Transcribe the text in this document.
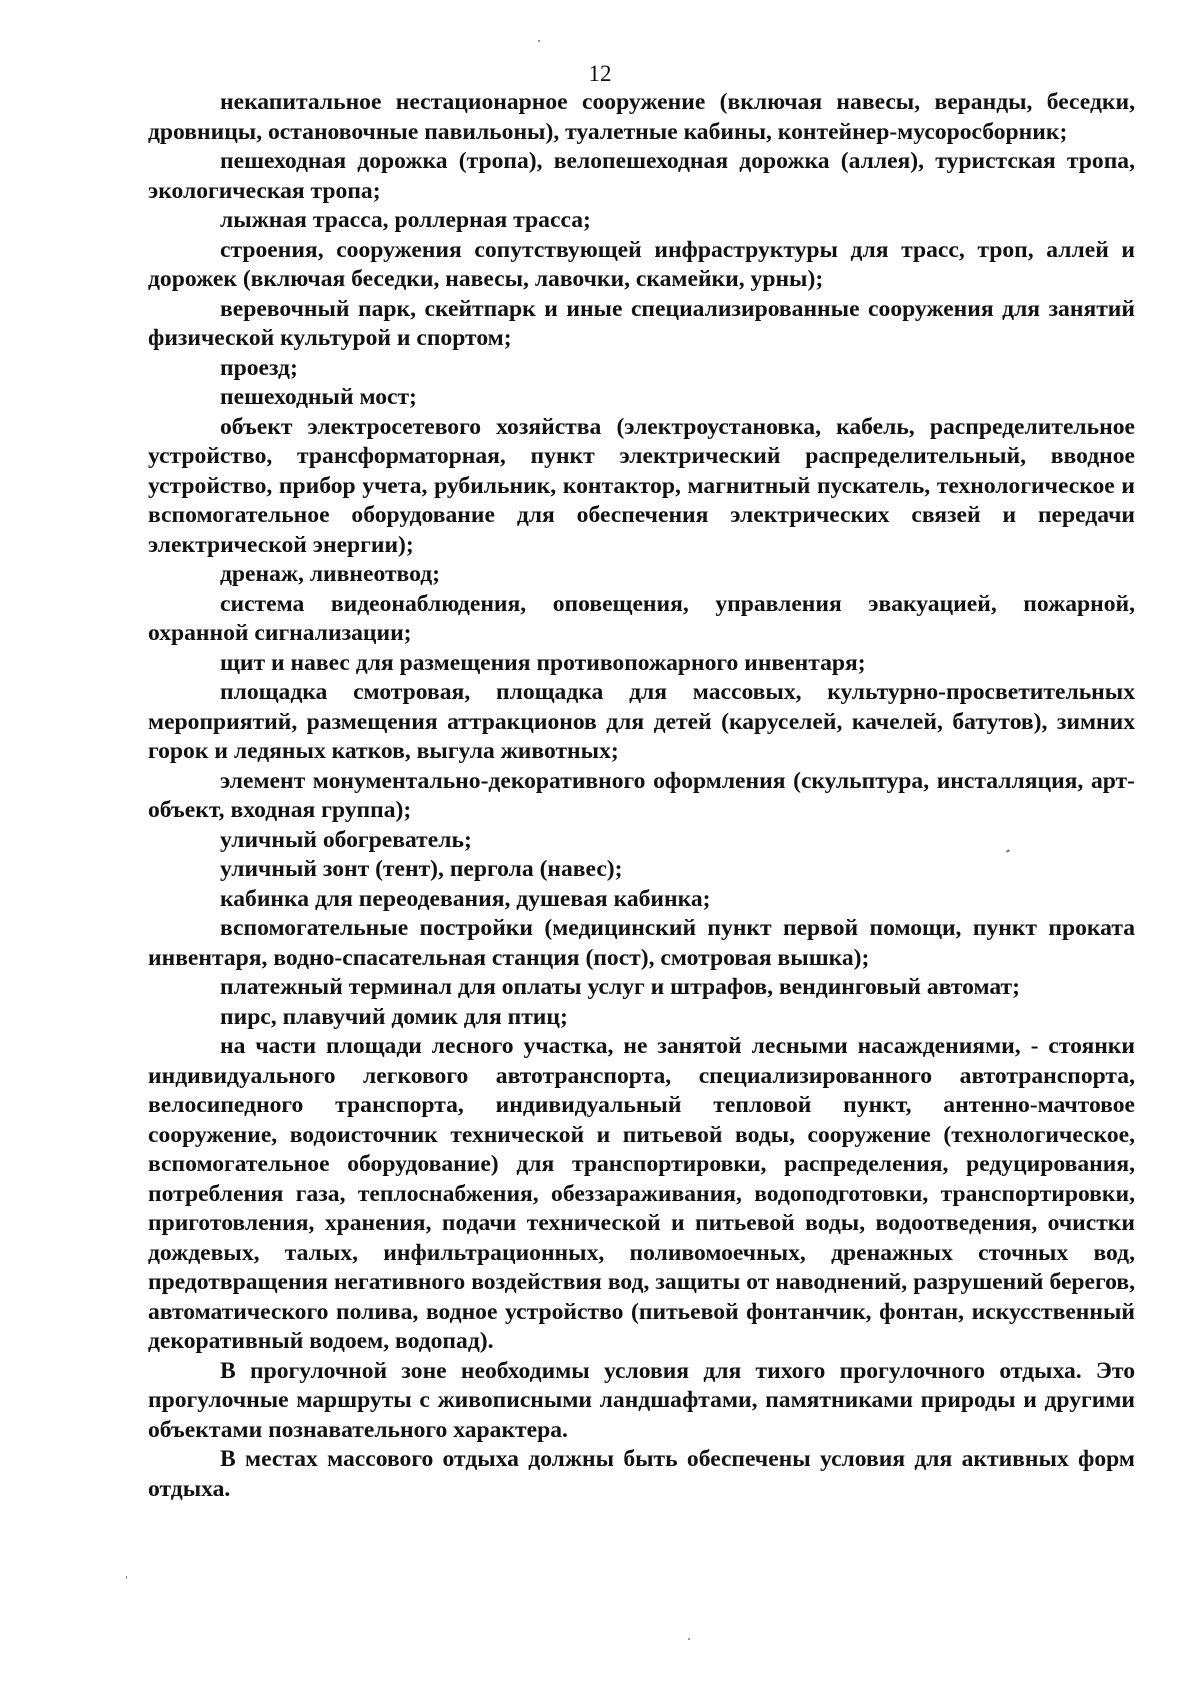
12

некапитальное нестационарное сооружение (включая навесы, веранды, беседки, дровницы, остановочные павильоны), туалетные кабины, контейнер-мусоросборник;

пешеходная дорожка (тропа), велопешеходная дорожка (аллея), туристская тропа, экологическая тропа;

лыжная трасса, роллерная трасса;

строения, сооружения сопутствующей инфраструктуры для трасс, троп, аллей и дорожек (включая беседки, навесы, лавочки, скамейки, урны);

веревочный парк, скейтпарк и иные специализированные сооружения для занятий физической культурой и спортом;

проезд;

пешеходный мост;

объект электросетевого хозяйства (электроустановка, кабель, распределительное устройство, трансформаторная, пункт электрический распределительный, вводное устройство, прибор учета, рубильник, контактор, магнитный пускатель, технологическое и вспомогательное оборудование для обеспечения электрических связей и передачи электрической энергии);

дренаж, ливнеотвод;

система видеонаблюдения, оповещения, управления эвакуацией, пожарной, охранной сигнализации;

щит и навес для размещения противопожарного инвентаря;

площадка смотровая, площадка для массовых, культурно-просветительных мероприятий, размещения аттракционов для детей (каруселей, качелей, батутов), зимних горок и ледяных катков, выгула животных;

элемент монументально-декоративного оформления (скульптура, инсталляция, арт-объект, входная группа);

уличный обогреватель;

уличный зонт (тент), пергола (навес);

кабинка для переодевания, душевая кабинка;

вспомогательные постройки (медицинский пункт первой помощи, пункт проката инвентаря, водно-спасательная станция (пост), смотровая вышка);

платежный терминал для оплаты услуг и штрафов, вендинговый автомат;

пирс, плавучий домик для птиц;

на части площади лесного участка, не занятой лесными насаждениями, - стоянки индивидуального легкового автотранспорта, специализированного автотранспорта, велосипедного транспорта, индивидуальный тепловой пункт, антенно-мачтовое сооружение, водоисточник технической и питьевой воды, сооружение (технологическое, вспомогательное оборудование) для транспортировки, распределения, редуцирования, потребления газа, теплоснабжения, обеззараживания, водоподготовки, транспортировки, приготовления, хранения, подачи технической и питьевой воды, водоотведения, очистки дождевых, талых, инфильтрационных, поливомоечных, дренажных сточных вод, предотвращения негативного воздействия вод, защиты от наводнений, разрушений берегов, автоматического полива, водное устройство (питьевой фонтанчик, фонтан, искусственный декоративный водоем, водопад).

В прогулочной зоне необходимы условия для тихого прогулочного отдыха. Это прогулочные маршруты с живописными ландшафтами, памятниками природы и другими объектами познавательного характера.

В местах массового отдыха должны быть обеспечены условия для активных форм отдыха.
